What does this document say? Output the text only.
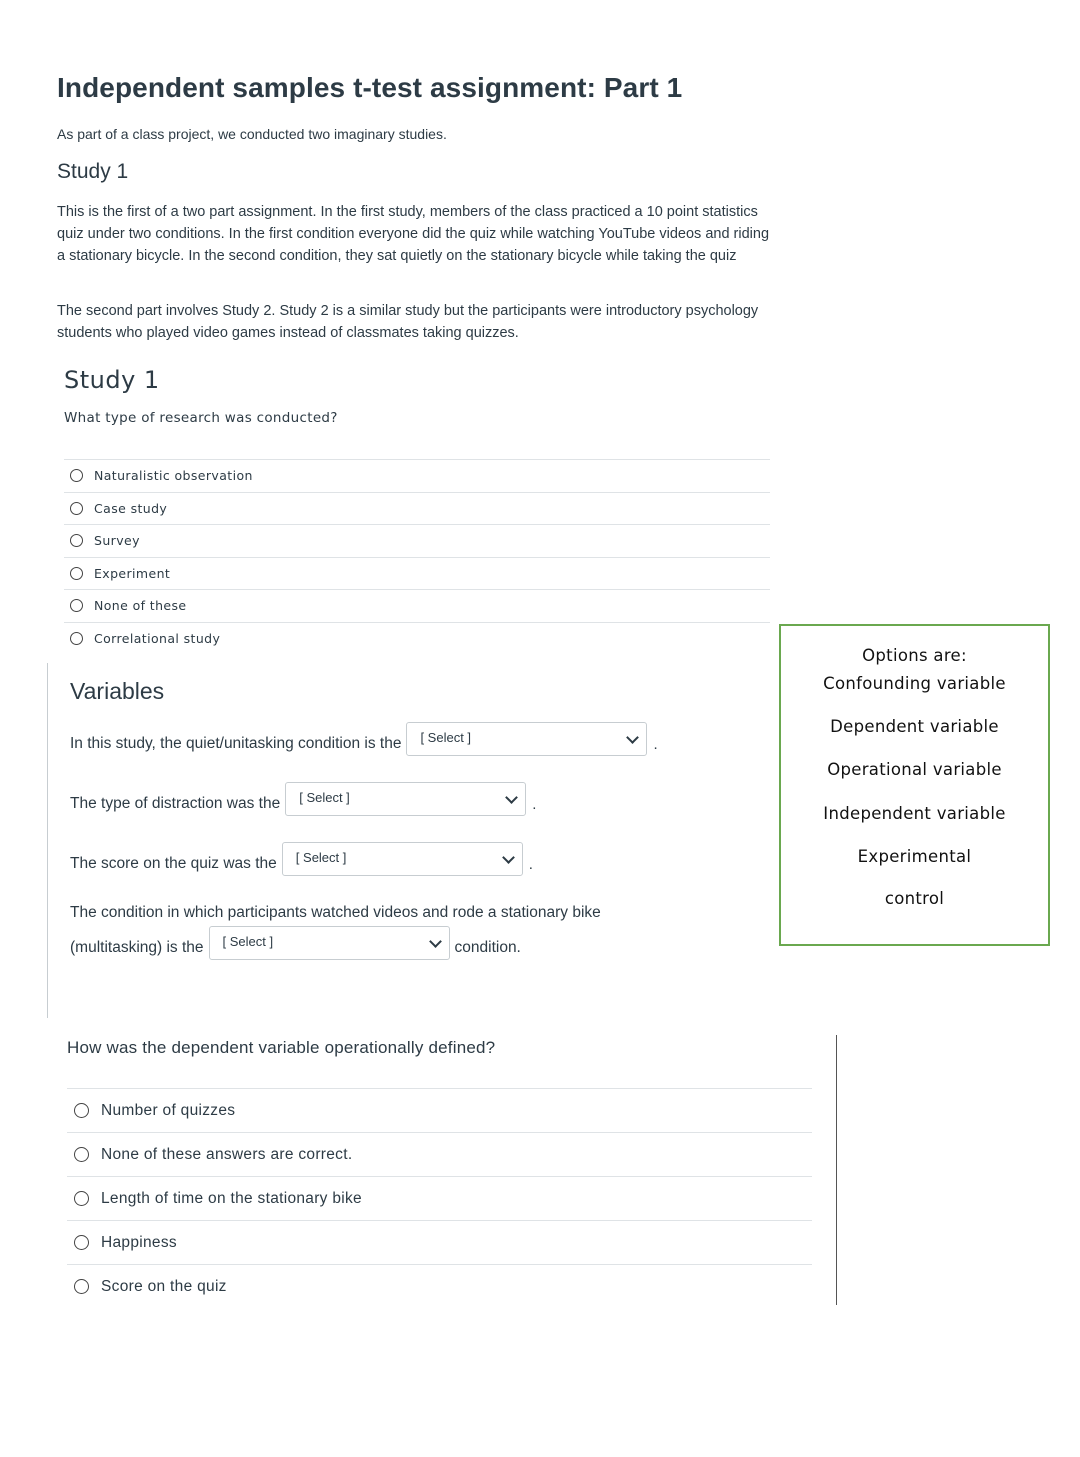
Independent samples t-test assignment: Part 1
As part of a class project, we conducted two imaginary studies.
Study 1
This is the first of a two part assignment. In the first study, members of the class practiced a 10 point statistics quiz under two conditions. In the first condition everyone did the quiz while watching YouTube videos and riding a stationary bicycle. In the second condition, they sat quietly on the stationary bicycle while taking the quiz
The second part involves Study 2. Study 2 is a similar study but the participants were introductory psychology students who played video games instead of classmates taking quizzes.
Study 1
What type of research was conducted?
Naturalistic observation
Case study
Survey
Experiment
None of these
Correlational study
Variables
In this study, the quiet/unitasking condition is the [ Select ]	.
The type of distraction was the [ Select ]	.
The score on the quiz was the [ Select ]	.
The condition in which participants watched videos and rode a stationary bike
(multitasking) is the [ Select ]	condition.
Options are:
Confounding variable
Dependent variable
Operational variable
Independent variable
Experimental
control
How was the dependent variable operationally defined?
Number of quizzes
None of these answers are correct.
Length of time on the stationary bike
Happiness
Score on the quiz
